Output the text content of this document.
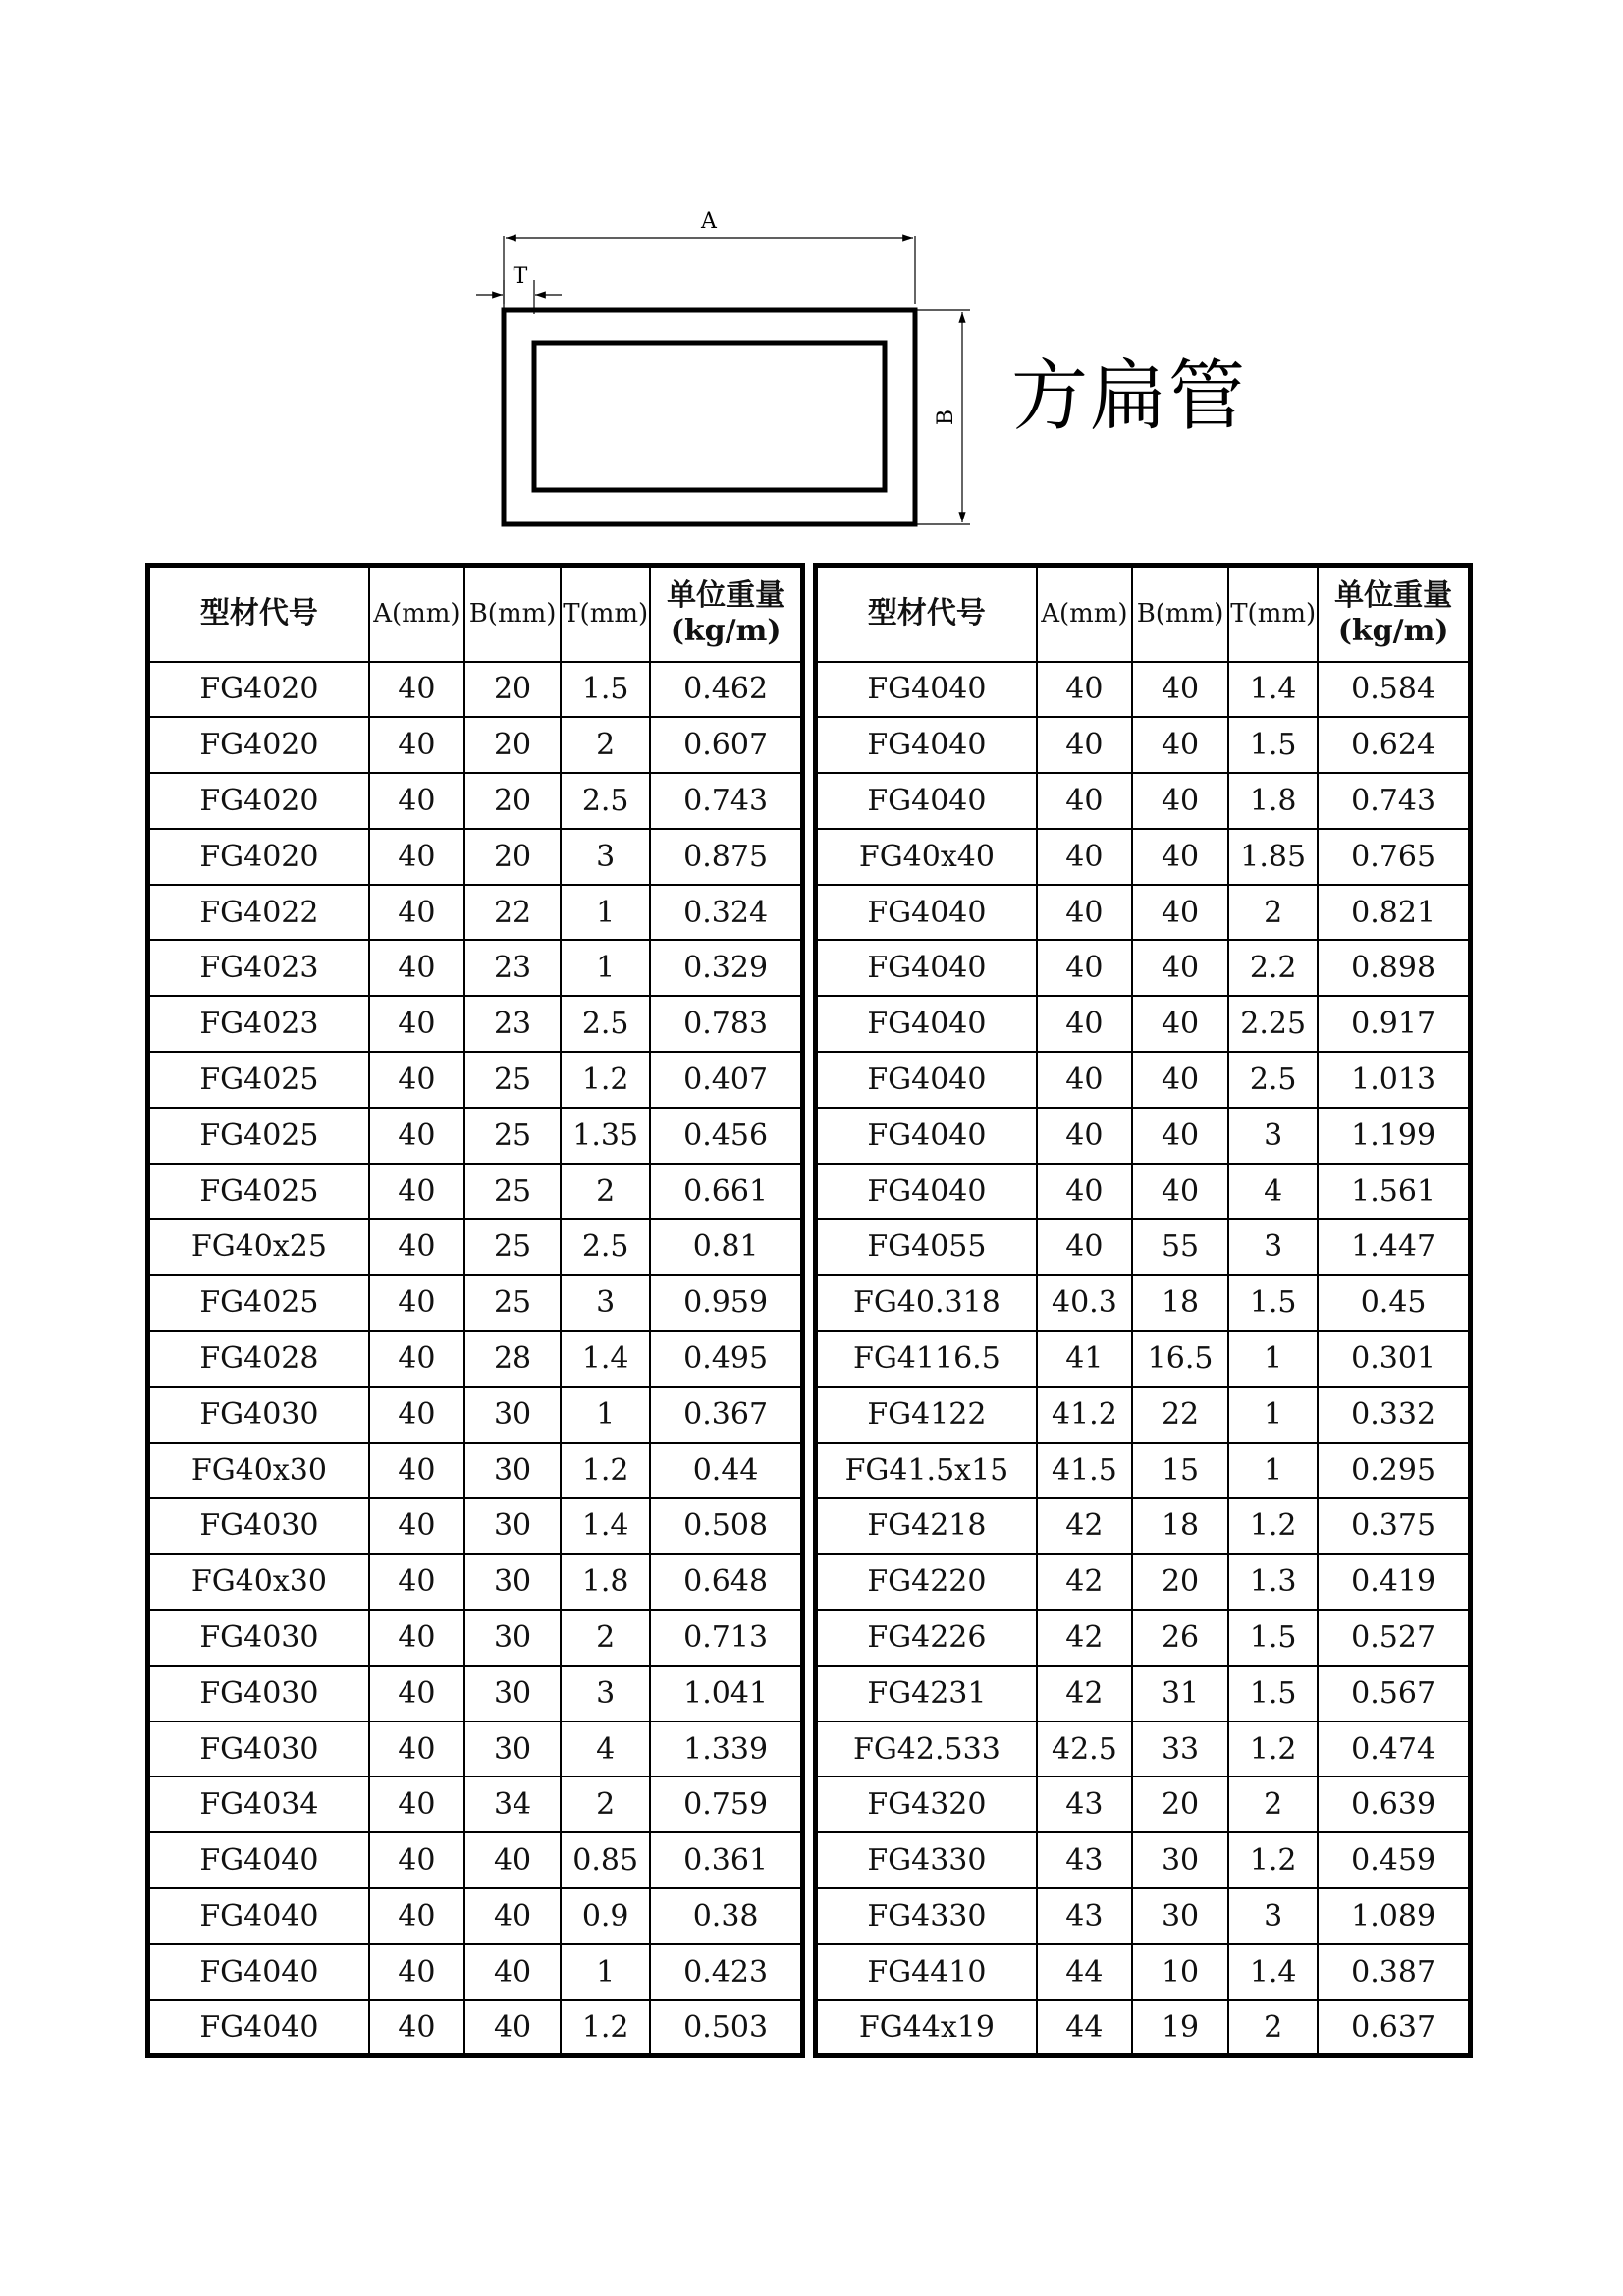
A
T
B 方扁管
型材代号	A(mm)	B(mm)	T(mm)	单位重量
(kg/m)
FG4020	40	20	1.5	0.462
FG4020	40	20	2	0.607
FG4020	40	20	2.5	0.743
FG4020	40	20	3	0.875
FG4022	40	22	1	0.324
FG4023	40	23	1	0.329
FG4023	40	23	2.5	0.783
FG4025	40	25	1.2	0.407
FG4025	40	25	1.35	0.456
FG4025	40	25	2	0.661
FG40x25	40	25	2.5	0.81
FG4025	40	25	3	0.959
FG4028	40	28	1.4	0.495
FG4030	40	30	1	0.367
FG40x30	40	30	1.2	0.44
FG4030	40	30	1.4	0.508
FG40x30	40	30	1.8	0.648
FG4030	40	30	2	0.713
FG4030	40	30	3	1.041
FG4030	40	30	4	1.339
FG4034	40	34	2	0.759
FG4040	40	40	0.85	0.361
FG4040	40	40	0.9	0.38
FG4040	40	40	1	0.423
FG4040	40	40	1.2	0.503
型材代号	A(mm)	B(mm)	T(mm)	单位重量
(kg/m)
FG4040	40	40	1.4	0.584
FG4040	40	40	1.5	0.624
FG4040	40	40	1.8	0.743
FG40x40	40	40	1.85	0.765
FG4040	40	40	2	0.821
FG4040	40	40	2.2	0.898
FG4040	40	40	2.25	0.917
FG4040	40	40	2.5	1.013
FG4040	40	40	3	1.199
FG4040	40	40	4	1.561
FG4055	40	55	3	1.447
FG40.318	40.3	18	1.5	0.45
FG4116.5	41	16.5	1	0.301
FG4122	41.2	22	1	0.332
FG41.5x15	41.5	15	1	0.295
FG4218	42	18	1.2	0.375
FG4220	42	20	1.3	0.419
FG4226	42	26	1.5	0.527
FG4231	42	31	1.5	0.567
FG42.533	42.5	33	1.2	0.474
FG4320	43	20	2	0.639
FG4330	43	30	1.2	0.459
FG4330	43	30	3	1.089
FG4410	44	10	1.4	0.387
FG44x19	44	19	2	0.637
